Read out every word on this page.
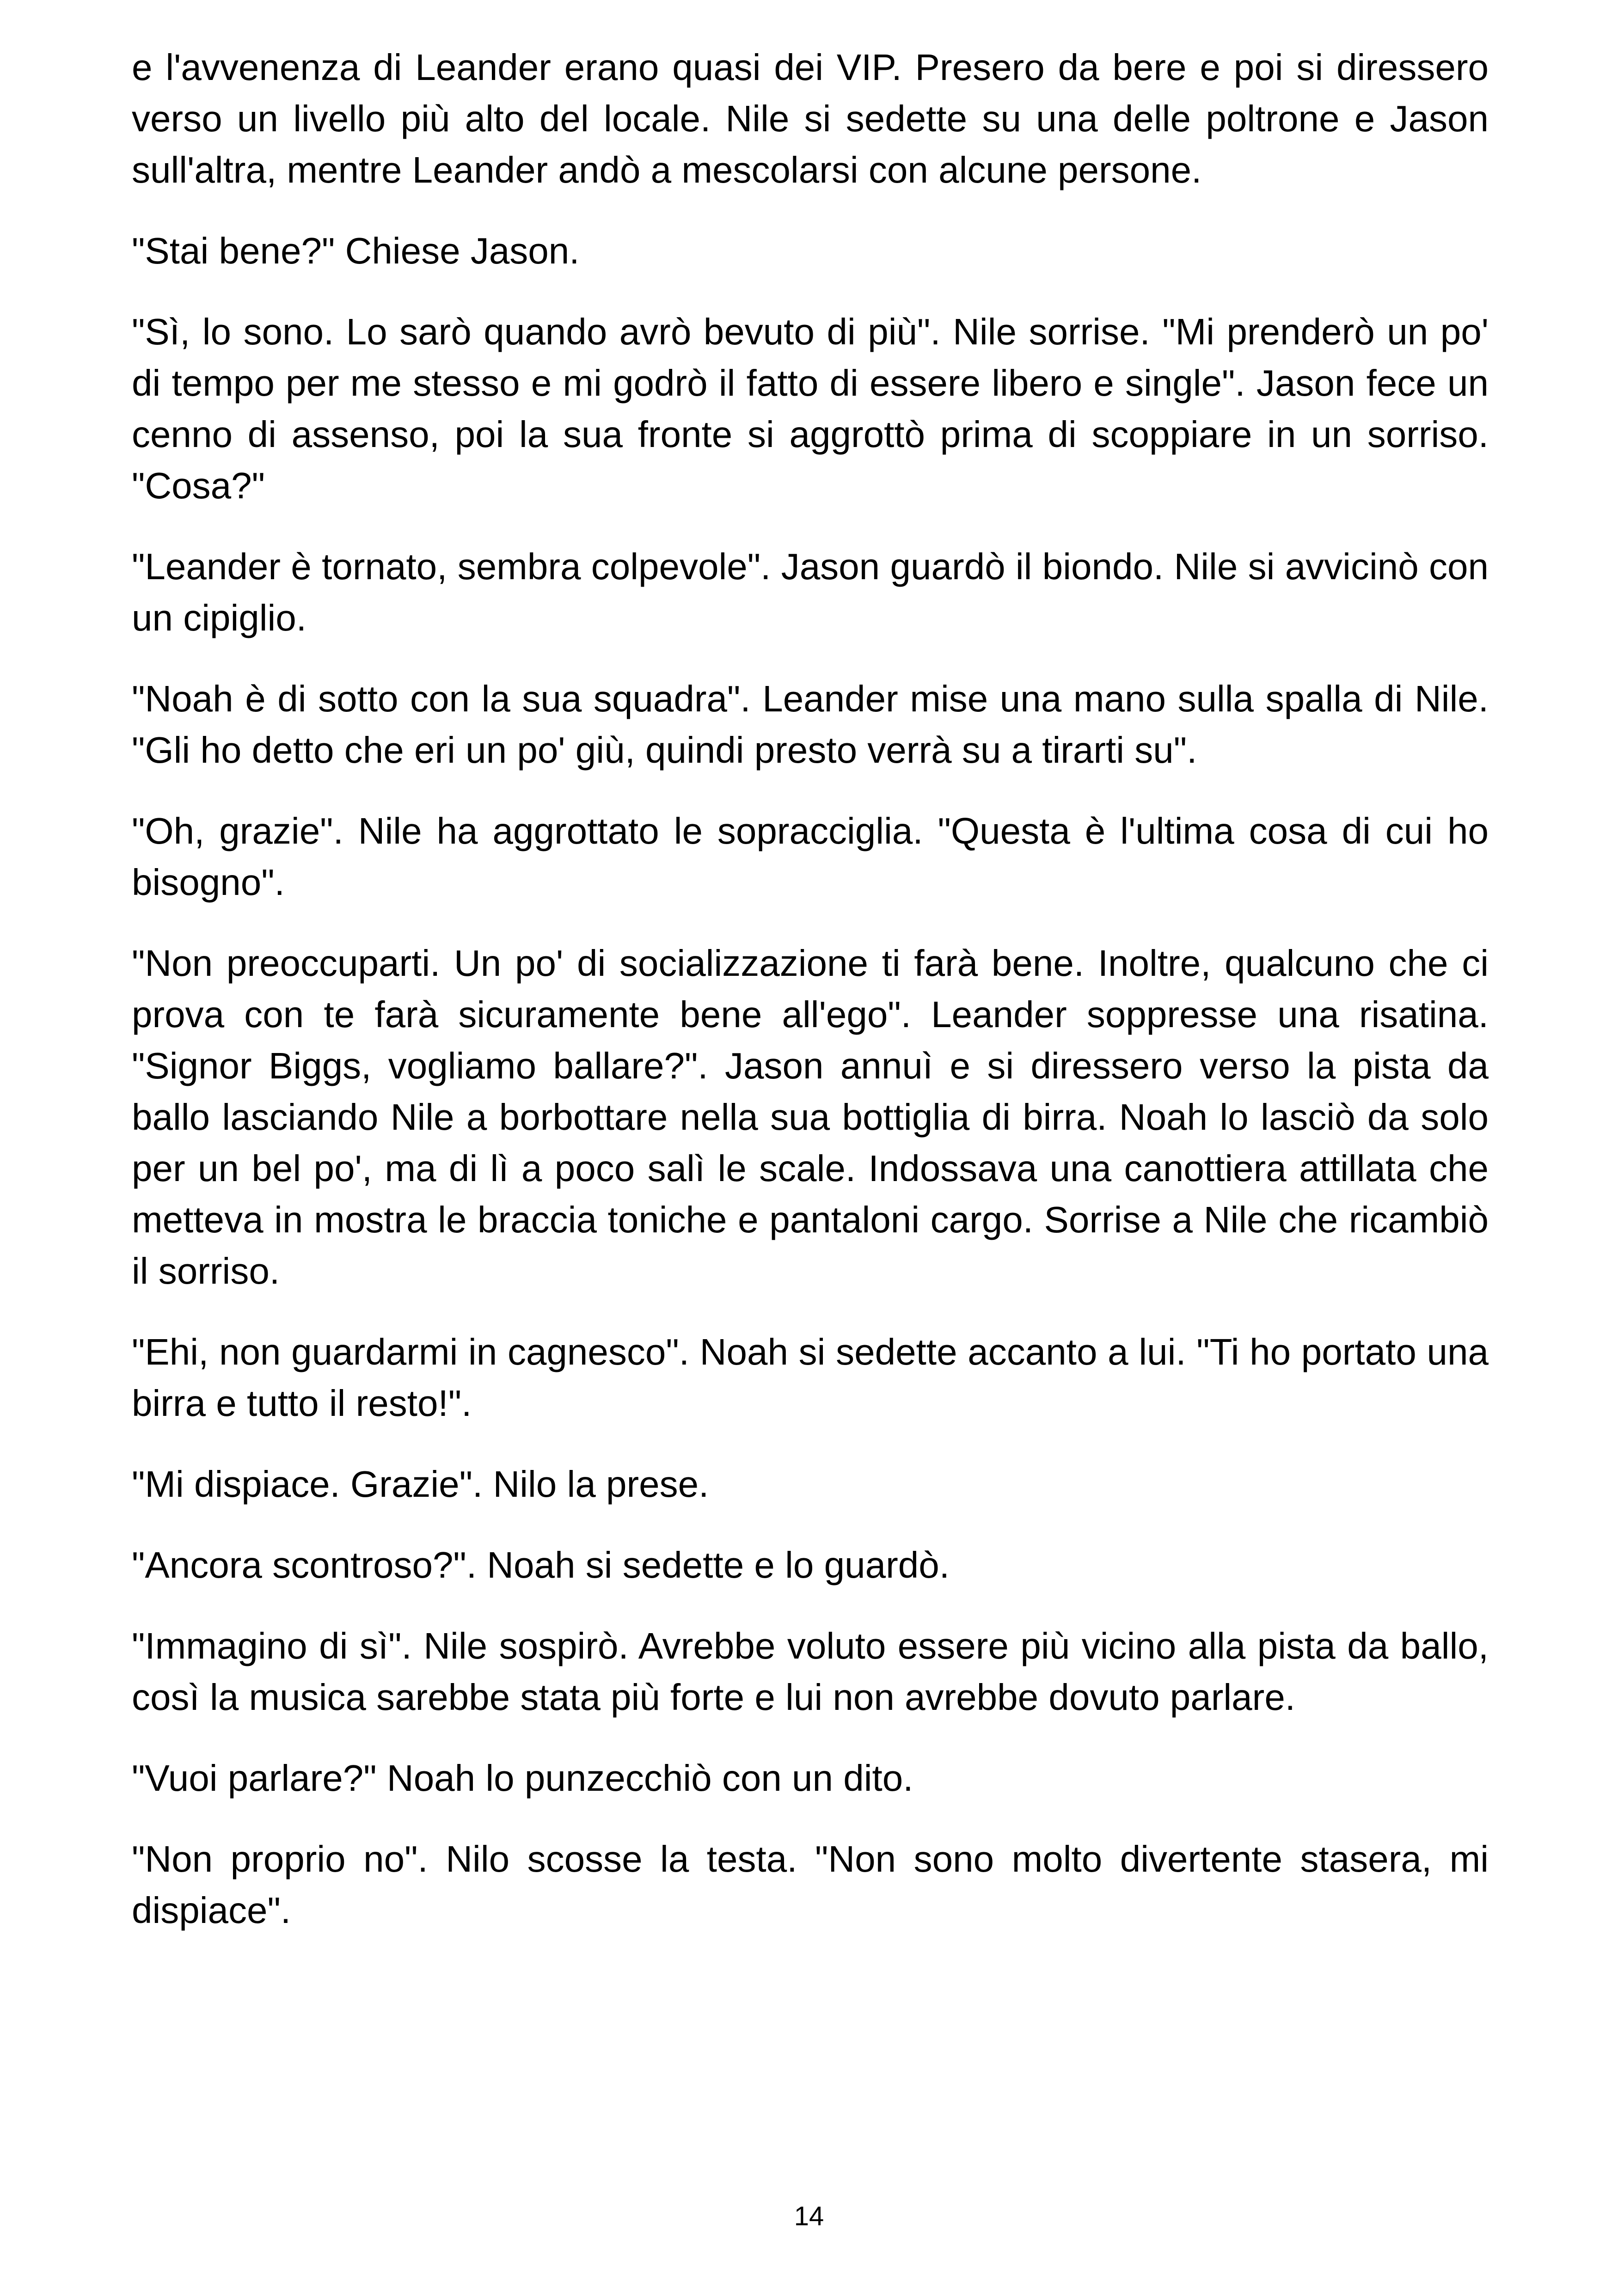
e l'avvenenza di Leander erano quasi dei VIP. Presero da bere e poi si diressero verso un livello più alto del locale. Nile si sedette su una delle poltrone e Jason sull'altra, mentre Leander andò a mescolarsi con alcune persone.

"Stai bene?" Chiese Jason.

"Sì, lo sono. Lo sarò quando avrò bevuto di più". Nile sorrise. "Mi prenderò un po' di tempo per me stesso e mi godrò il fatto di essere libero e single". Jason fece un cenno di assenso, poi la sua fronte si aggrottò prima di scoppiare in un sorriso. "Cosa?"

"Leander è tornato, sembra colpevole". Jason guardò il biondo. Nile si avvicinò con un cipiglio.

"Noah è di sotto con la sua squadra". Leander mise una mano sulla spalla di Nile. "Gli ho detto che eri un po' giù, quindi presto verrà su a tirarti su".

"Oh, grazie". Nile ha aggrottato le sopracciglia. "Questa è l'ultima cosa di cui ho bisogno".

"Non preoccuparti. Un po' di socializzazione ti farà bene. Inoltre, qualcuno che ci prova con te farà sicuramente bene all'ego". Leander soppresse una risatina. "Signor Biggs, vogliamo ballare?". Jason annuì e si diressero verso la pista da ballo lasciando Nile a borbottare nella sua bottiglia di birra. Noah lo lasciò da solo per un bel po', ma di lì a poco salì le scale. Indossava una canottiera attillata che metteva in mostra le braccia toniche e pantaloni cargo. Sorrise a Nile che ricambiò il sorriso.

"Ehi, non guardarmi in cagnesco". Noah si sedette accanto a lui. "Ti ho portato una birra e tutto il resto!".

"Mi dispiace. Grazie". Nilo la prese.

"Ancora scontroso?". Noah si sedette e lo guardò.

"Immagino di sì". Nile sospirò. Avrebbe voluto essere più vicino alla pista da ballo, così la musica sarebbe stata più forte e lui non avrebbe dovuto parlare.

"Vuoi parlare?" Noah lo punzecchiò con un dito.

"Non proprio no". Nilo scosse la testa. "Non sono molto divertente stasera, mi dispiace".

14
